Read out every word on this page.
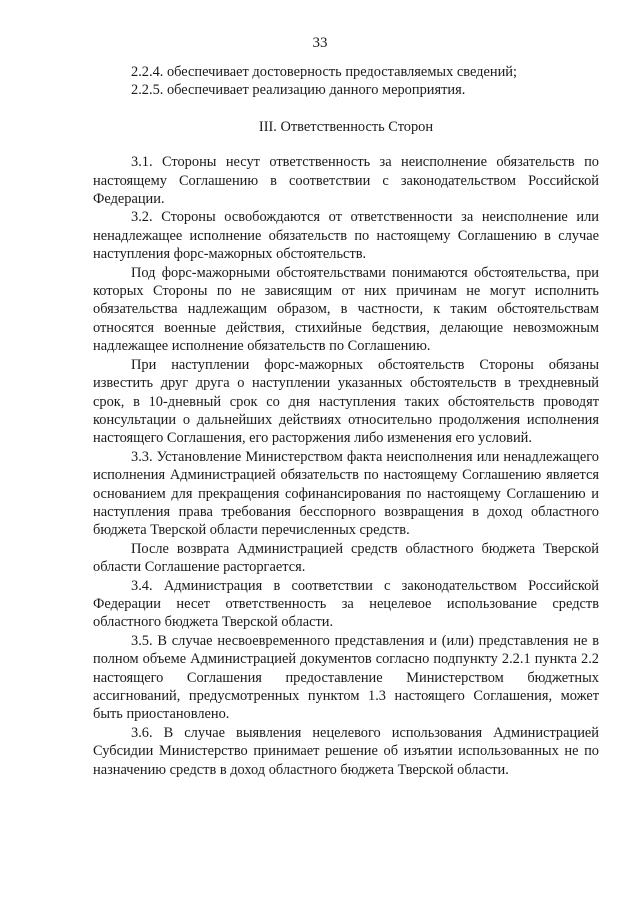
33
2.2.4. обеспечивает достоверность предоставляемых сведений;
2.2.5. обеспечивает реализацию данного мероприятия.
III. Ответственность Сторон

3.1. Стороны несут ответственность за неисполнение обязательств по настоящему Соглашению в соответствии с законодательством Российской Федерации.

3.2. Стороны освобождаются от ответственности за неисполнение или ненадлежащее исполнение обязательств по настоящему Соглашению в случае наступления форс-мажорных обстоятельств.

Под форс-мажорными обстоятельствами понимаются обстоятельства, при которых Стороны по не зависящим от них причинам не могут исполнить обязательства надлежащим образом, в частности, к таким обстоятельствам относятся военные действия, стихийные бедствия, делающие невозможным надлежащее исполнение обязательств по Соглашению.

При наступлении форс-мажорных обстоятельств Стороны обязаны известить друг друга о наступлении указанных обстоятельств в трехдневный срок, в 10-дневный срок со дня наступления таких обстоятельств проводят консультации о дальнейших действиях относительно продолжения исполнения настоящего Соглашения, его расторжения либо изменения его условий.

3.3. Установление Министерством факта неисполнения или ненадлежащего исполнения Администрацией обязательств по настоящему Соглашению является основанием для прекращения софинансирования по настоящему Соглашению и наступления права требования бесспорного возвращения в доход областного бюджета Тверской области перечисленных средств.

После возврата Администрацией средств областного бюджета Тверской области Соглашение расторгается.

3.4. Администрация в соответствии с законодательством Российской Федерации несет ответственность за нецелевое использование средств областного бюджета Тверской области.

3.5. В случае несвоевременного представления и (или) представления не в полном объеме Администрацией документов согласно подпункту 2.2.1 пункта 2.2 настоящего Соглашения предоставление Министерством бюджетных ассигнований, предусмотренных пунктом 1.3 настоящего Соглашения, может быть приостановлено.

3.6. В случае выявления нецелевого использования Администрацией Субсидии Министерство принимает решение об изъятии использованных не по назначению средств в доход областного бюджета Тверской области.
